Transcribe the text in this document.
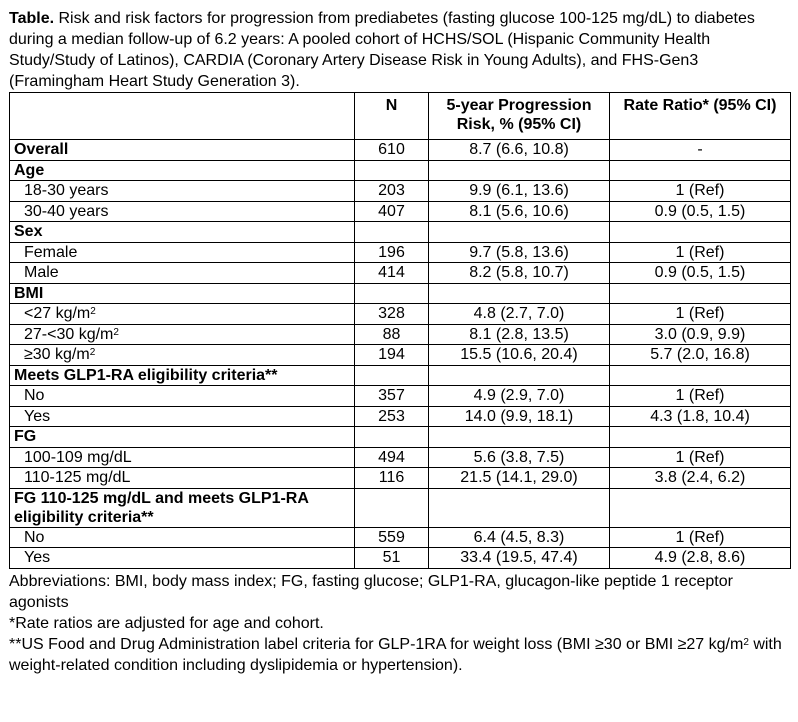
Table. Risk and risk factors for progression from prediabetes (fasting glucose 100-125 mg/dL) to diabetes during a median follow-up of 6.2 years: A pooled cohort of HCHS/SOL (Hispanic Community Health Study/Study of Latinos), CARDIA (Coronary Artery Disease Risk in Young Adults), and FHS-Gen3 (Framingham Heart Study Generation 3).
	N	5-year Progression Risk, % (95% CI)	Rate Ratio* (95% CI)
Overall	610	8.7 (6.6, 10.8)	-
Age			
18-30 years	203	9.9 (6.1, 13.6)	1 (Ref)
30-40 years	407	8.1 (5.6, 10.6)	0.9 (0.5, 1.5)
Sex			
Female	196	9.7 (5.8, 13.6)	1 (Ref)
Male	414	8.2 (5.8, 10.7)	0.9 (0.5, 1.5)
BMI			
<27 $kg/m^2$	328	4.8 (2.7, 7.0)	1 (Ref)
27-<30 $kg/m^2$	88	8.1 (2.8, 13.5)	3.0 (0.9, 9.9)
≥30 $kg/m^2$	194	15.5 (10.6, 20.4)	5.7 (2.0, 16.8)
Meets GLP1-RA eligibility criteria**			
No	357	4.9 (2.9, 7.0)	1 (Ref)
Yes	253	14.0 (9.9, 18.1)	4.3 (1.8, 10.4)
FG			
100-109 mg/dL	494	5.6 (3.8, 7.5)	1 (Ref)
110-125 mg/dL	116	21.5 (14.1, 29.0)	3.8 (2.4, 6.2)
FG 110-125 mg/dL and meets GLP1-RA eligibility criteria**			
No	559	6.4 (4.5, 8.3)	1 (Ref)
Yes	51	33.4 (19.5, 47.4)	4.9 (2.8, 8.6)
Abbreviations: BMI, body mass index; FG, fasting glucose; GLP1-RA, glucagon-like peptide 1 receptor agonists
*Rate ratios are adjusted for age and cohort.
**US Food and Drug Administration label criteria for GLP-1RA for weight loss (BMI ≥30 or BMI ≥27 $kg/m^2$ with weight-related condition including dyslipidemia or hypertension).
